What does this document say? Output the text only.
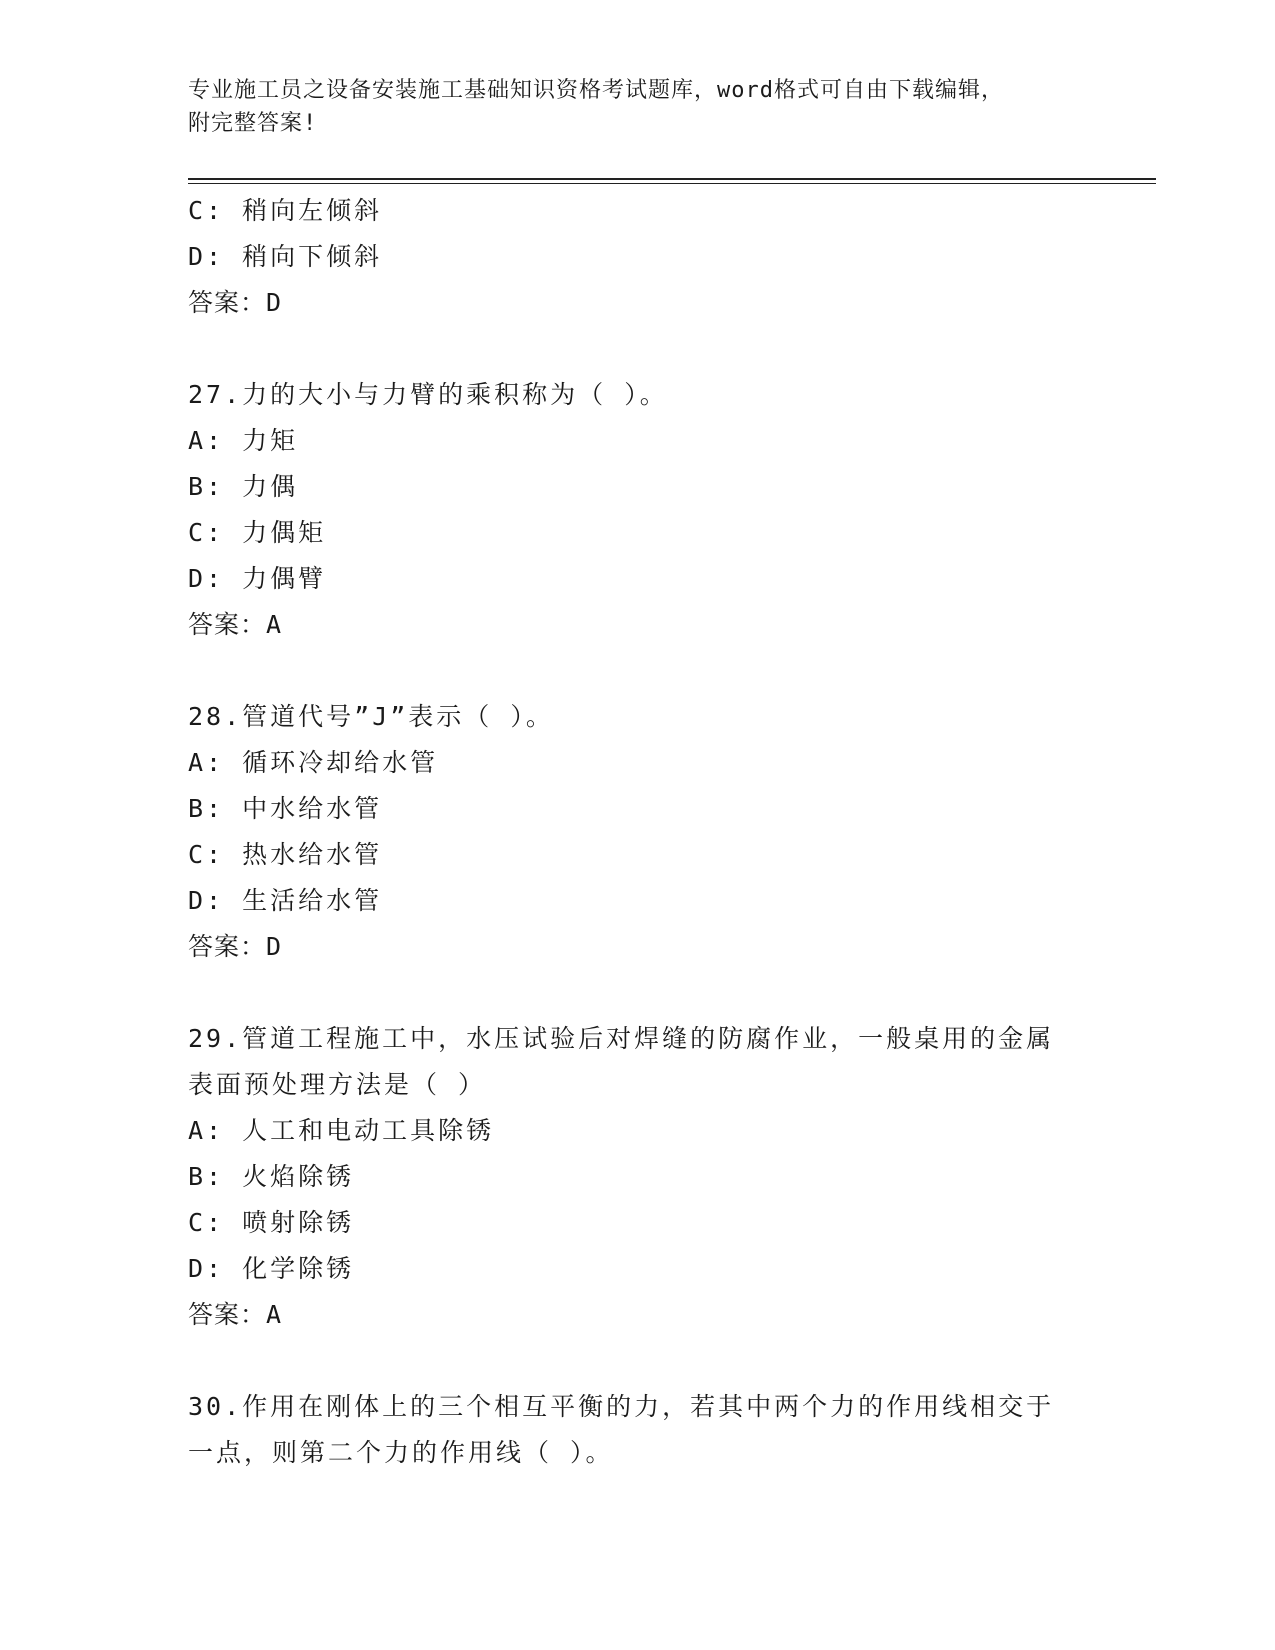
专业施工员之设备安装施工基础知识资格考试题库，word格式可自由下载编辑，
附完整答案!
C: 稍向左倾斜
D: 稍向下倾斜
答案：D
27.力的大小与力臂的乘积称为（ ）。
A: 力矩
B: 力偶
C: 力偶矩
D: 力偶臂
答案：A
28.管道代号”J”表示（ ）。
A: 循环冷却给水管
B: 中水给水管
C: 热水给水管
D: 生活给水管
答案：D
29.管道工程施工中，水压试验后对焊缝的防腐作业，一般桌用的金属表面预处理方法是（ ）
A: 人工和电动工具除锈
B: 火焰除锈
C: 喷射除锈
D: 化学除锈
答案：A
30.作用在刚体上的三个相互平衡的力，若其中两个力的作用线相交于一点，则第二个力的作用线（ ）。
